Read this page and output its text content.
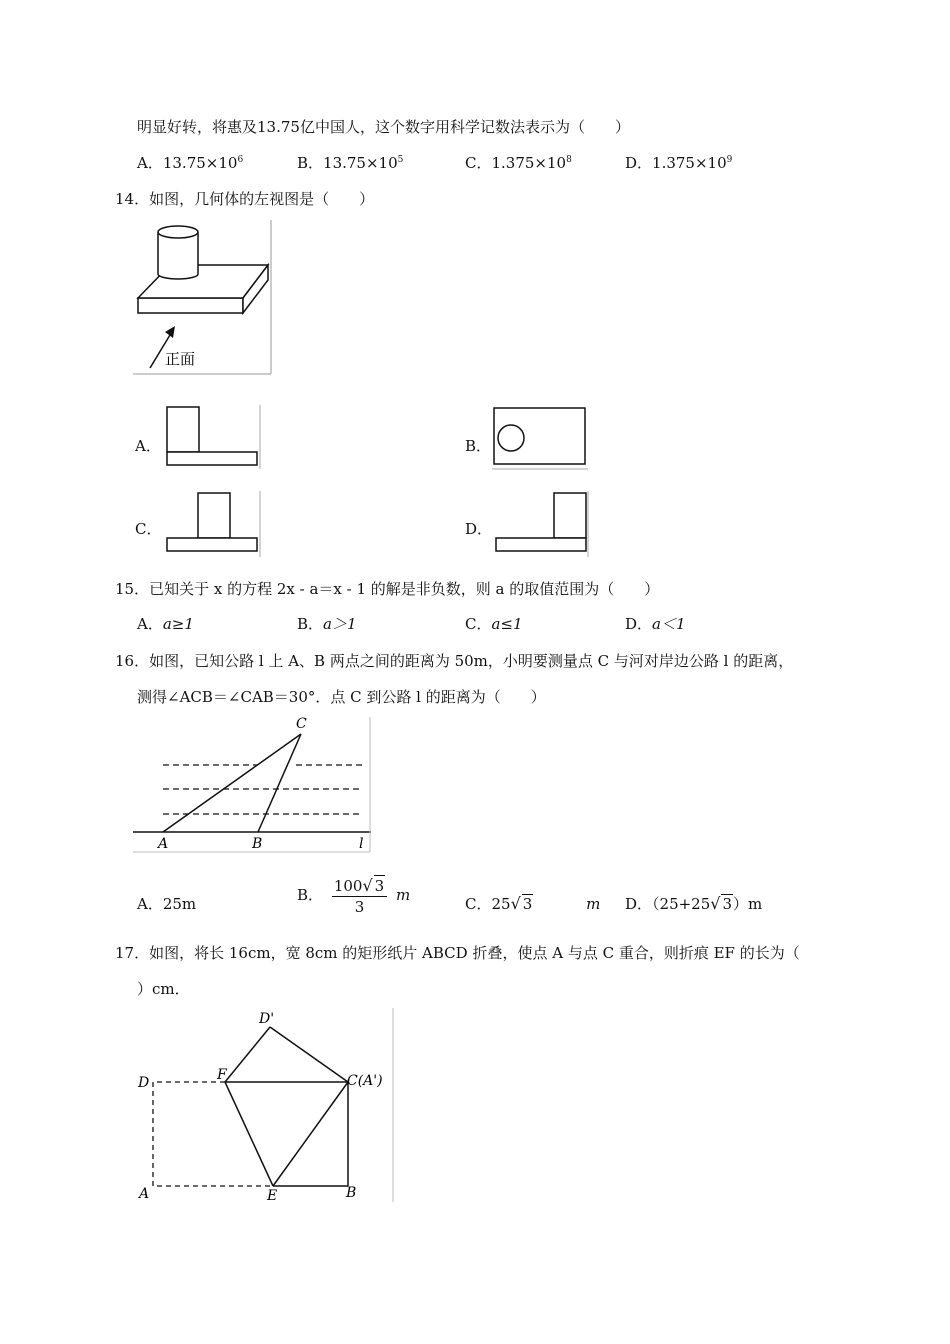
明显好转，将惠及13.75亿中国人，这个数字用科学记数法表示为（　　）
A．$13.75\times 10^6$	B．$13.75\times 10^5$	C．$1.375\times 10^8$	D．$1.375\times 10^9$
14．如图，几何体的左视图是（　　）
正面
A．	B．
C．	D．
15．已知关于 x 的方程 2x - a＝x - 1 的解是非负数，则 a 的取值范围为（　　）
A．a≥1	B．a＞1	C．a≤1	D．a＜1
16．如图，已知公路 l 上 A、B 两点之间的距离为 50m，小明要测量点 C 与河对岸边公路 l 的距离，
测得∠ACB＝∠CAB＝30°．点 C 到公路 l 的距离为（　　）
C
A	B	l
A．25m	B． $\frac{100√ 3}{3}$ m	C．25√ 3	m D．（25+25√ 3）m
17．如图，将长 16cm，宽 8cm 的矩形纸片 ABCD 折叠，使点 A 与点 C 重合，则折痕 EF 的长为（
）cm．
D'
D	F	C(A')
A	E	B
